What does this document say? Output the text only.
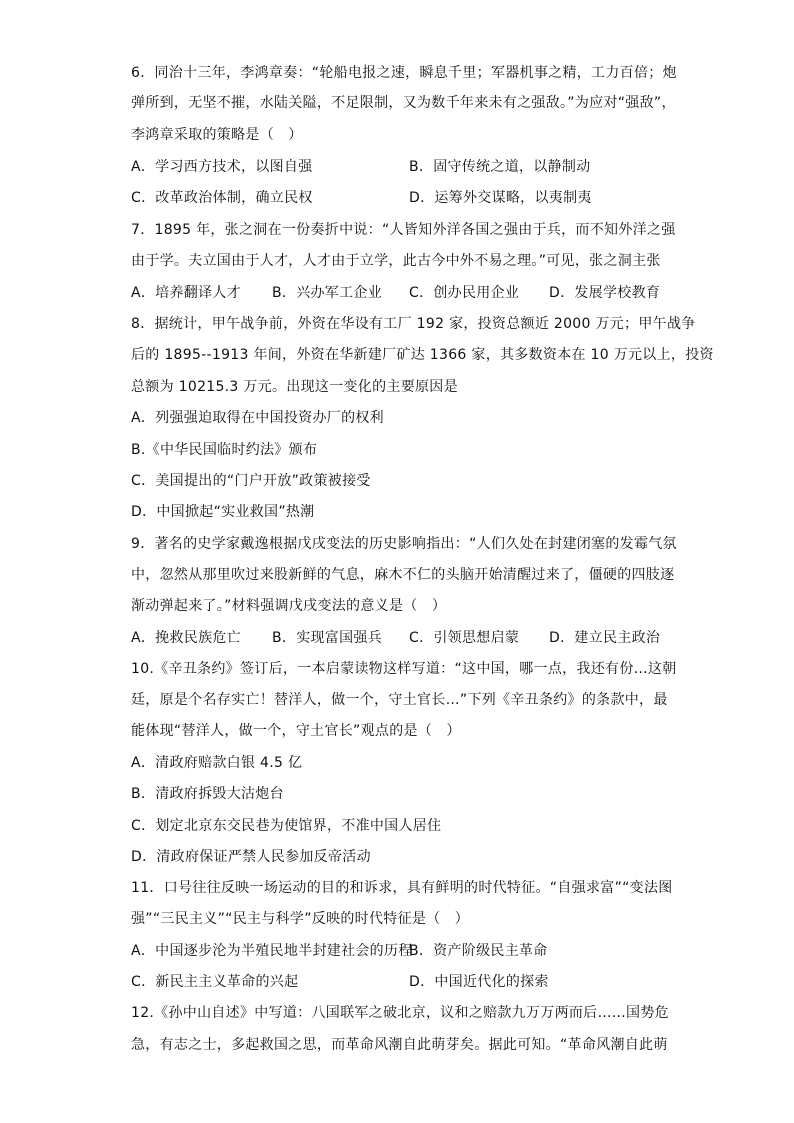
6．同治十三年，李鸿章奏：“轮船电报之速，瞬息千里；军器机事之精，工力百倍；炮
弹所到，无坚不摧，水陆关隘，不足限制，又为数千年来未有之强敌。”为应对“强敌”，
李鸿章采取的策略是（　）
A．学习西方技术，以图自强	B．固守传统之道，以静制动
C．改革政治体制，确立民权	D．运筹外交谋略，以夷制夷
7．1895 年，张之洞在一份奏折中说：“人皆知外洋各国之强由于兵，而不知外洋之强
由于学。夫立国由于人才，人才由于立学，此古今中外不易之理。”可见，张之洞主张
A．培养翻译人才 B．兴办军工企业 C．创办民用企业 D．发展学校教育
8．据统计，甲午战争前，外资在华设有工厂 192 家，投资总额近 2000 万元；甲午战争
后的 1895--1913 年间，外资在华新建厂矿达 1366 家，其多数资本在 10 万元以上，投资
总额为 10215.3 万元。出现这一变化的主要原因是
A．列强强迫取得在中国投资办厂的权利
B.《中华民国临时约法》颁布
C．美国提出的“门户开放”政策被接受
D．中国掀起“实业救国”热潮
9．著名的史学家戴逸根据戊戌变法的历史影响指出：“人们久处在封建闭塞的发霉气氛
中，忽然从那里吹过来股新鲜的气息，麻木不仁的头脑开始清醒过来了，僵硬的四肢逐
渐动弹起来了。”材料强调戊戌变法的意义是（　）
A．挽救民族危亡 B．实现富国强兵 C．引领思想启蒙 D．建立民主政治
10.《辛丑条约》签订后，一本启蒙读物这样写道：“这中国，哪一点，我还有份…这朝
廷，原是个名存实亡！替洋人，做一个，守土官长…”下列《辛丑条约》的条款中，最
能体现“替洋人，做一个，守土官长”观点的是（　）
A．清政府赔款白银 4.5 亿
B．清政府拆毁大沽炮台
C．划定北京东交民巷为使馆界，不准中国人居住
D．清政府保证严禁人民参加反帝活动
11．口号往往反映一场运动的目的和诉求，具有鲜明的时代特征。“自强求富”“变法图
强”“三民主义”“民主与科学”反映的时代特征是（　）
A．中国逐步沦为半殖民地半封建社会的历程
B．资产阶级民主革命
C．新民主主义革命的兴起	D．中国近代化的探索
12.《孙中山自述》中写道：八国联军之破北京，议和之赔款九万万两而后……国势危
急，有志之士，多起救国之思，而革命风潮自此萌芽矣。据此可知。“革命风潮自此萌
